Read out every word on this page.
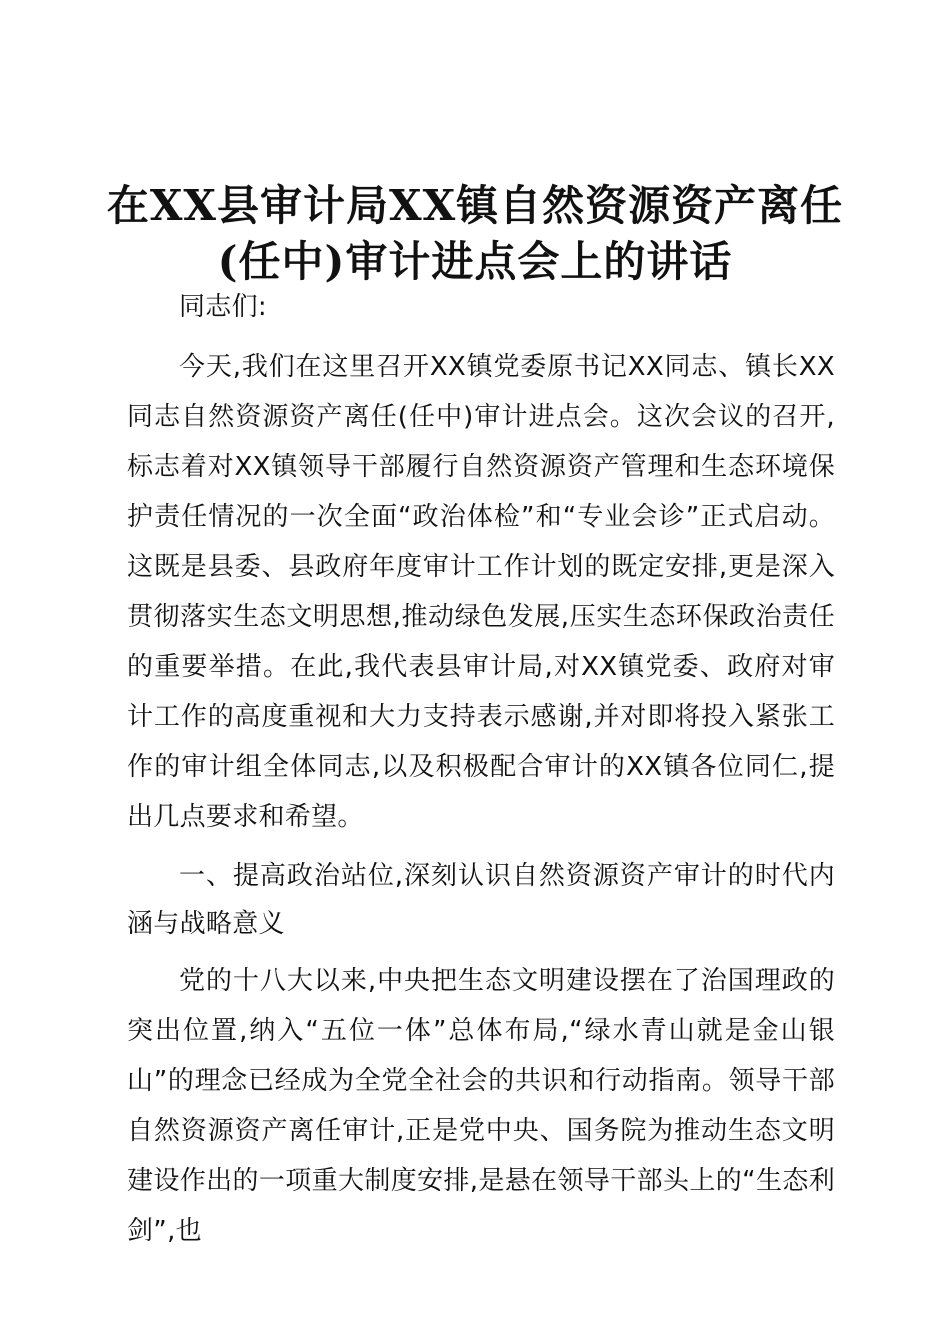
在XX县审计局XX镇自然资源资产离任
(任中)审计进点会上的讲话

同志们:

今天,我们在这里召开XX镇党委原书记XX同志、镇长XX同志自然资源资产离任(任中)审计进点会。这次会议的召开,标志着对XX镇领导干部履行自然资源资产管理和生态环境保护责任情况的一次全面“政治体检”和“专业会诊”正式启动。这既是县委、县政府年度审计工作计划的既定安排,更是深入贯彻落实生态文明思想,推动绿色发展,压实生态环保政治责任的重要举措。在此,我代表县审计局,对XX镇党委、政府对审计工作的高度重视和大力支持表示感谢,并对即将投入紧张工作的审计组全体同志,以及积极配合审计的XX镇各位同仁,提出几点要求和希望。

一、提高政治站位,深刻认识自然资源资产审计的时代内涵与战略意义

党的十八大以来,中央把生态文明建设摆在了治国理政的突出位置,纳入“五位一体”总体布局,“绿水青山就是金山银山”的理念已经成为全党全社会的共识和行动指南。领导干部自然资源资产离任审计,正是党中央、国务院为推动生态文明建设作出的一项重大制度安排,是悬在领导干部头上的“生态利剑”,也
